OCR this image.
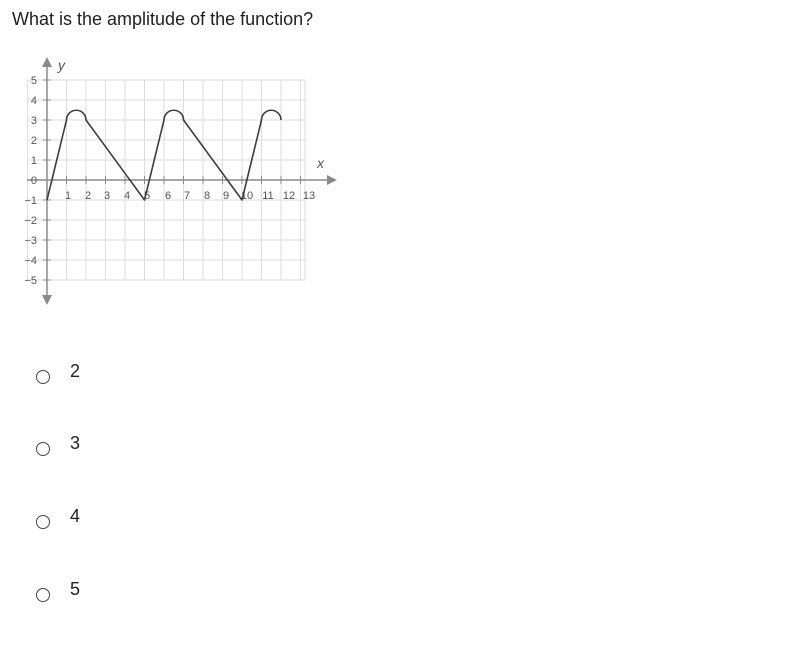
What is the amplitude of the function?
y
x
1 2 3 4 5 6 7 8 9 10 11 12 13
5
4
3
2
1
0
−1
−2
−3
−4
−5
2
3
4
5
